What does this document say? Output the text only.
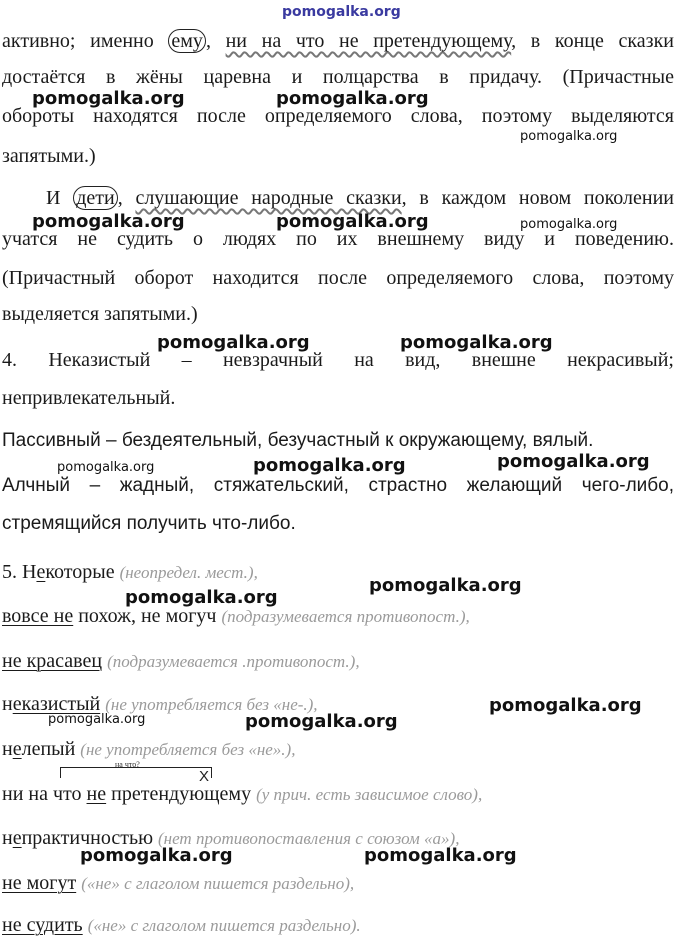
pomogalka.org
активно; именно ему , ни на что не претендующему, в конце сказки
достаётся в жёны царевна и полцарства в придачу. (Причастные
обороты находятся после определяемого слова, поэтому выделяются
запятыми.)
И дети , слушающие народные сказки, в каждом новом поколении
учатся не судить о людях по их внешнему виду и поведению.
(Причастный оборот находится после определяемого слова, поэтому
выделяется запятыми.)
4. Неказистый – невзрачный на вид, внешне некрасивый;
непривлекательный.
Пассивный – бездеятельный, безучастный к окружающему, вялый.
Алчный – жадный, стяжательский, страстно желающий чего-либо,
стремящийся получить что-либо.
5. Некоторые (неопредел. мест.),
вовсе не похож, не могуч (подразумевается противопост.),
не красавец (подразумевается .противопост.),
неказистый (не употребляется без «не-.),
нелепый (не употребляется без «не».),
на что?
X
ни на что не претендующему (у прич. есть зависимое слово),
непрактичностью (нет противопоставления с союзом «а»),
не могут («не» с глаголом пишется раздельно),
не судить («не» с глаголом пишется раздельно).
pomogalka.org	pomogalka.org
pomogalka.org
pomogalka.org	pomogalka.org	pomogalka.org
pomogalka.org	pomogalka.org
pomogalka.org	pomogalka.org	pomogalka.org
pomogalka.org
pomogalka.org
pomogalka.org
pomogalka.org	pomogalka.org
pomogalka.org	pomogalka.org
